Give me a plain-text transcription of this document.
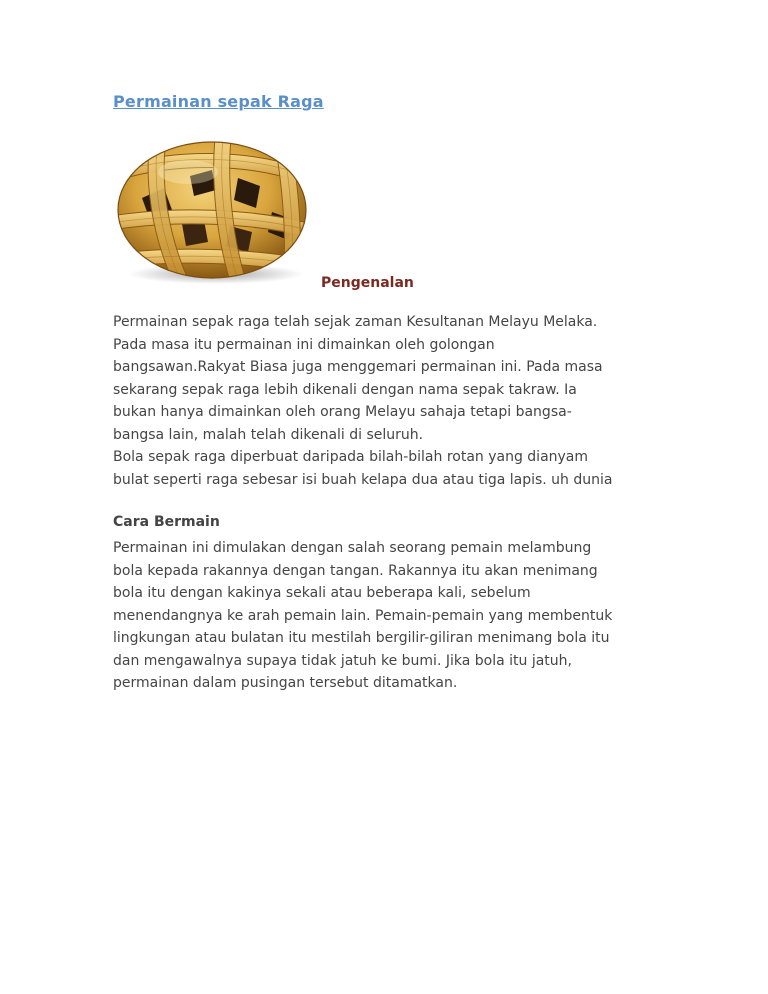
Permainan sepak Raga
Pengenalan
Permainan sepak raga telah sejak zaman Kesultanan Melayu Melaka.
Pada masa itu permainan ini dimainkan oleh golongan
bangsawan.Rakyat Biasa juga menggemari permainan ini. Pada masa
sekarang sepak raga lebih dikenali dengan nama sepak takraw. Ia
bukan hanya dimainkan oleh orang Melayu sahaja tetapi bangsa-
bangsa lain, malah telah dikenali di seluruh.
Bola sepak raga diperbuat daripada bilah-bilah rotan yang dianyam
bulat seperti raga sebesar isi buah kelapa dua atau tiga lapis. uh dunia
Cara Bermain
Permainan ini dimulakan dengan salah seorang pemain melambung
bola kepada rakannya dengan tangan. Rakannya itu akan menimang
bola itu dengan kakinya sekali atau beberapa kali, sebelum
menendangnya ke arah pemain lain. Pemain-pemain yang membentuk
lingkungan atau bulatan itu mestilah bergilir-giliran menimang bola itu
dan mengawalnya supaya tidak jatuh ke bumi. Jika bola itu jatuh,
permainan dalam pusingan tersebut ditamatkan.
